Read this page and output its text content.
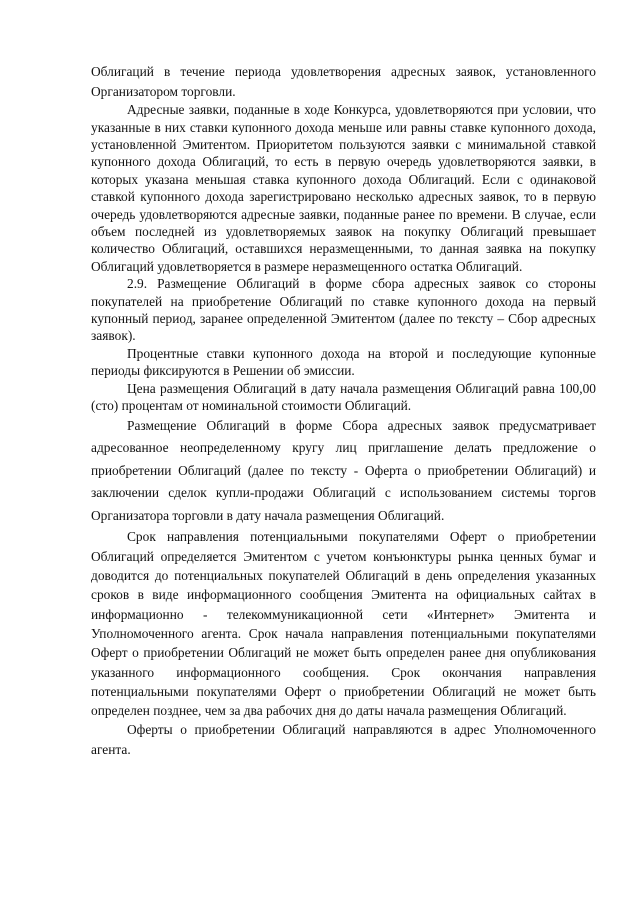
Облигаций в течение периода удовлетворения адресных заявок, установленного Организатором торговли.

Адресные заявки, поданные в ходе Конкурса, удовлетворяются при условии, что указанные в них ставки купонного дохода меньше или равны ставке купонного дохода, установленной Эмитентом. Приоритетом пользуются заявки с минимальной ставкой купонного дохода Облигаций, то есть в первую очередь удовлетворяются заявки, в которых указана меньшая ставка купонного дохода Облигаций. Если с одинаковой ставкой купонного дохода зарегистрировано несколько адресных заявок, то в первую очередь удовлетворяются адресные заявки, поданные ранее по времени. В случае, если объем последней из удовлетворяемых заявок на покупку Облигаций превышает количество Облигаций, оставшихся неразмещенными, то данная заявка на покупку Облигаций удовлетворяется в размере неразмещенного остатка Облигаций.

2.9. Размещение Облигаций в форме сбора адресных заявок со стороны покупателей на приобретение Облигаций по ставке купонного дохода на первый купонный период, заранее определенной Эмитентом (далее по тексту – Сбор адресных заявок).

Процентные ставки купонного дохода на второй и последующие купонные периоды фиксируются в Решении об эмиссии.

Цена размещения Облигаций в дату начала размещения Облигаций равна 100,00 (сто) процентам от номинальной стоимости Облигаций.

Размещение Облигаций в форме Сбора адресных заявок предусматривает адресованное неопределенному кругу лиц приглашение делать предложение о приобретении Облигаций (далее по тексту - Оферта о приобретении Облигаций) и заключении сделок купли-продажи Облигаций с использованием системы торгов Организатора торговли в дату начала размещения Облигаций.

Срок направления потенциальными покупателями Оферт о приобретении Облигаций определяется Эмитентом с учетом конъюнктуры рынка ценных бумаг и доводится до потенциальных покупателей Облигаций в день определения указанных сроков в виде информационного сообщения Эмитента на официальных сайтах в информационно - телекоммуникационной сети «Интернет» Эмитента и Уполномоченного агента. Срок начала направления потенциальными покупателями Оферт о приобретении Облигаций не может быть определен ранее дня опубликования указанного информационного сообщения. Срок окончания направления потенциальными покупателями Оферт о приобретении Облигаций не может быть определен позднее, чем за два рабочих дня до даты начала размещения Облигаций.

Оферты о приобретении Облигаций направляются в адрес Уполномоченного агента.
